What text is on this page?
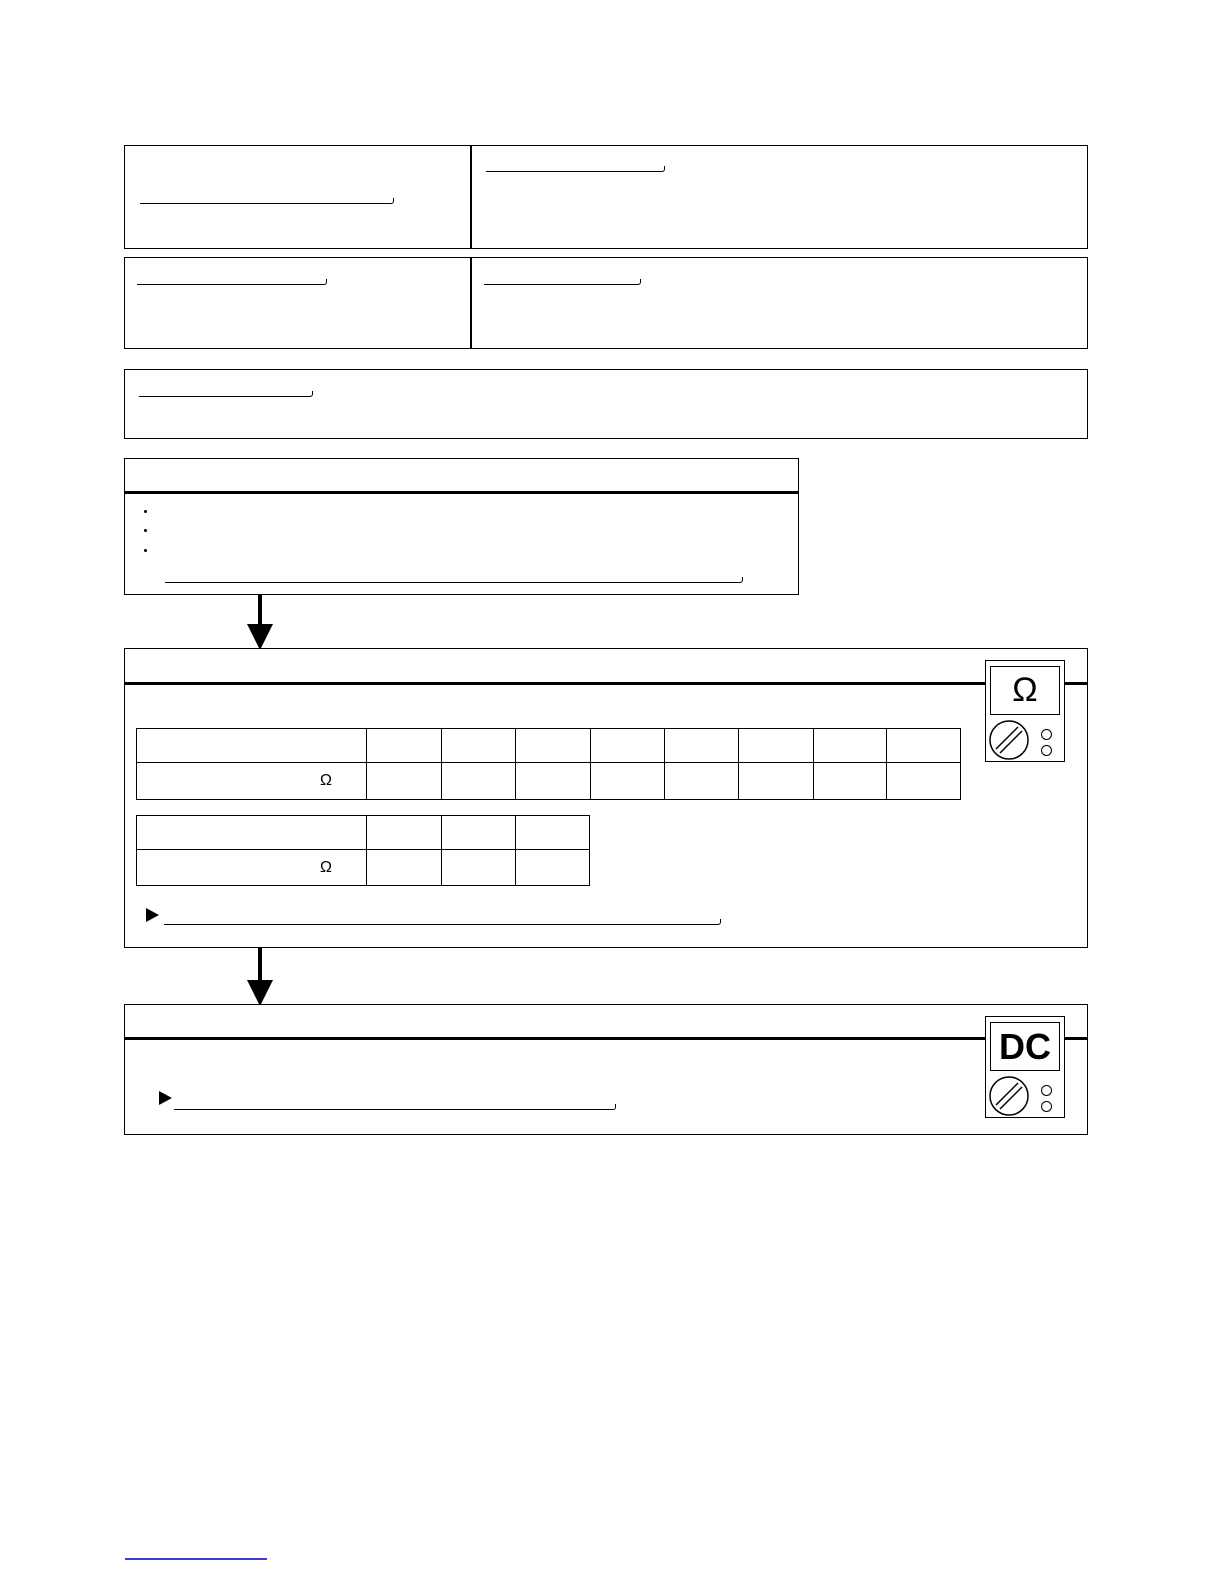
Ω

Ω								

Ω			

DC
